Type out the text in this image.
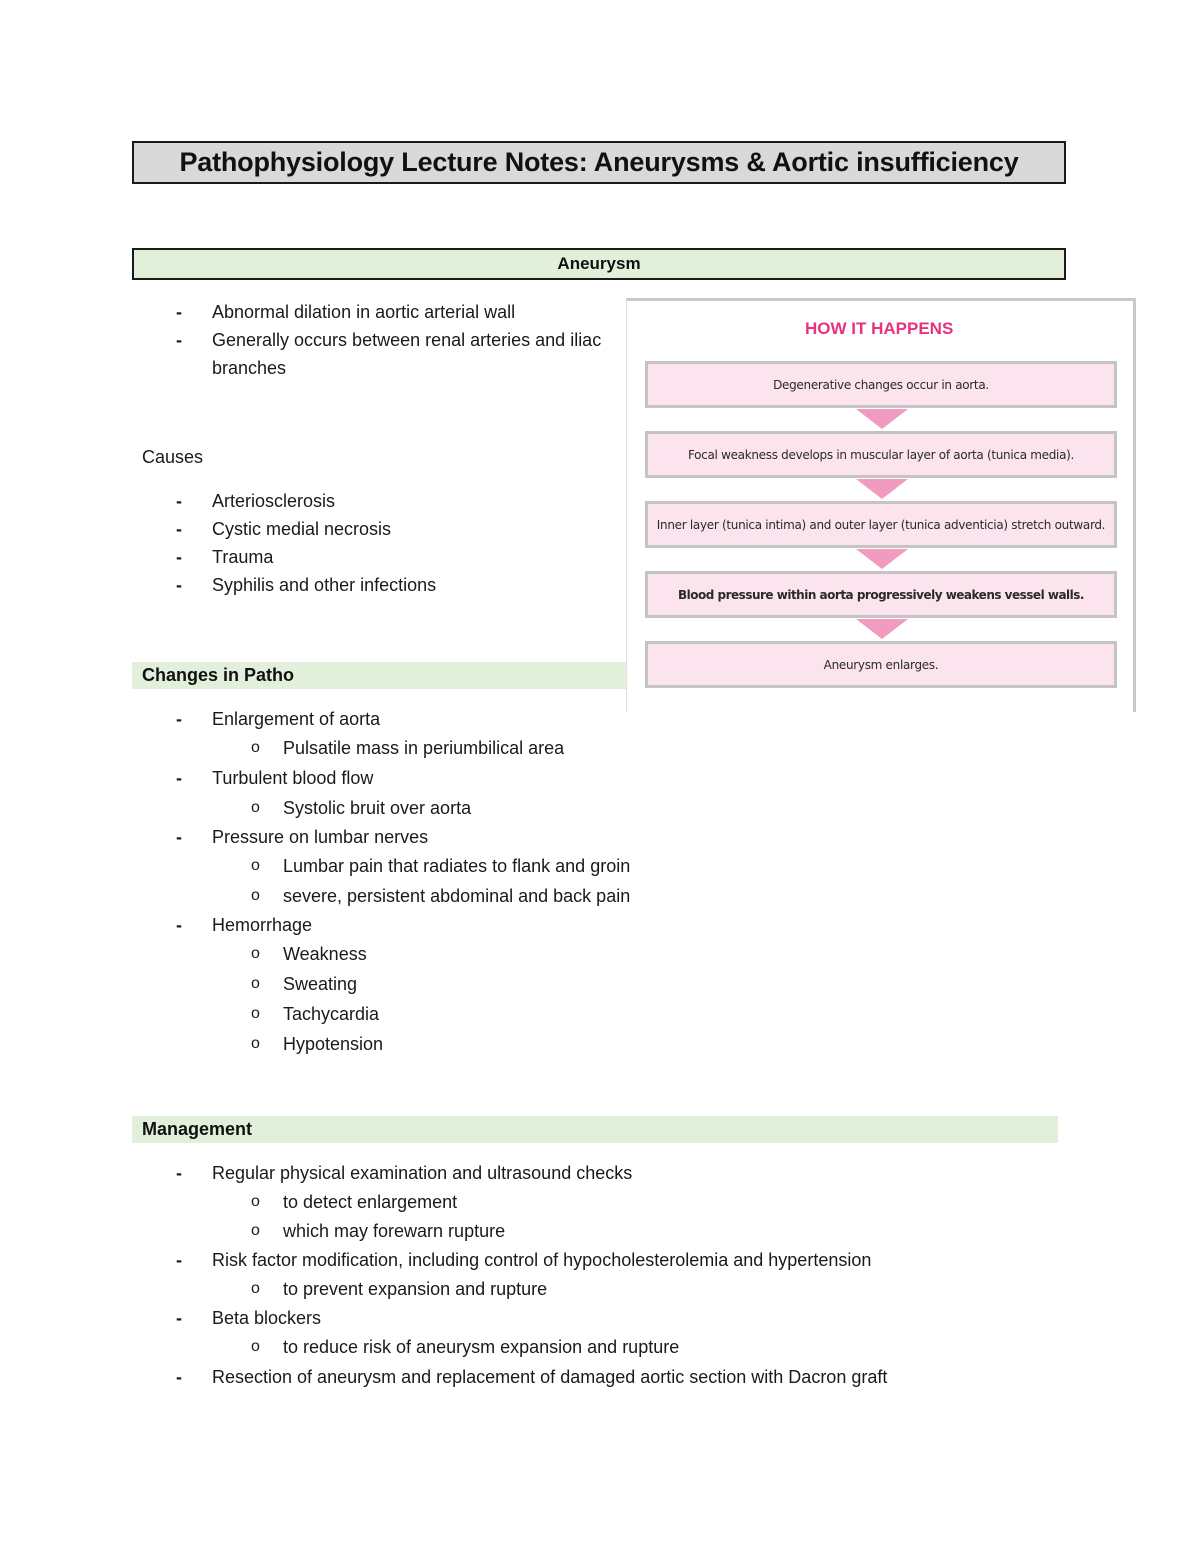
Pathophysiology Lecture Notes: Aneurysms & Aortic insufficiency
Aneurysm
- Abnormal dilation in aortic arterial wall
- Generally occurs between renal arteries and iliac branches
Causes
- Arteriosclerosis
- Cystic medial necrosis
- Trauma
- Syphilis and other infections
Changes in Patho
- Enlargement of aorta
o Pulsatile mass in periumbilical area
- Turbulent blood flow
o Systolic bruit over aorta
- Pressure on lumbar nerves
o Lumbar pain that radiates to flank and groin
o severe, persistent abdominal and back pain
- Hemorrhage
o Weakness
o Sweating
o Tachycardia
o Hypotension
Management
- Regular physical examination and ultrasound checks
o to detect enlargement
o which may forewarn rupture
- Risk factor modification, including control of hypocholesterolemia and hypertension
o to prevent expansion and rupture
- Beta blockers
o to reduce risk of aneurysm expansion and rupture
- Resection of aneurysm and replacement of damaged aortic section with Dacron graft
HOW IT HAPPENS
Degenerative changes occur in aorta.
Focal weakness develops in muscular layer of aorta (tunica media).
Inner layer (tunica intima) and outer layer (tunica adventicia) stretch outward.
Blood pressure within aorta progressively weakens vessel walls.
Aneurysm enlarges.
